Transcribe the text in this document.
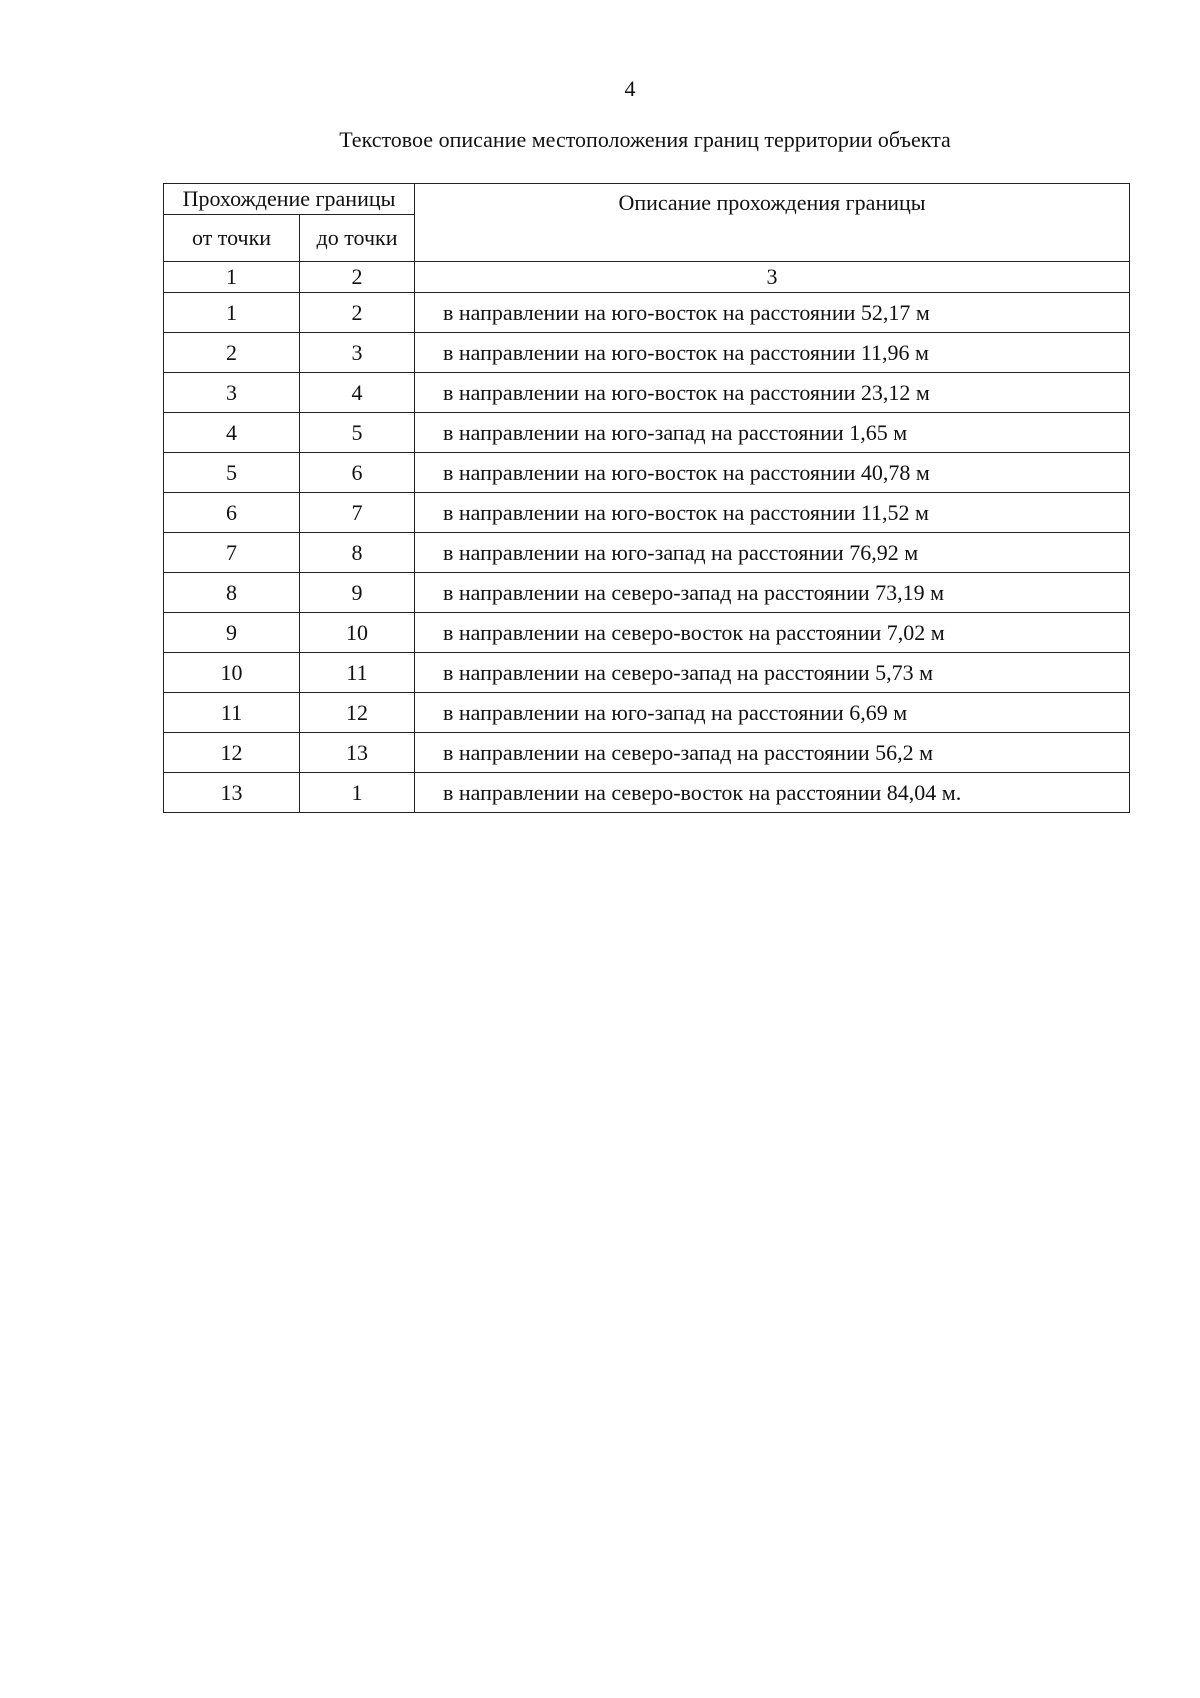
4
Текстовое описание местоположения границ территории объекта
Прохождение границы		Описание прохождения границы
от точки	до точки	
1	2	3
1	2	в направлении на юго-восток на расстоянии 52,17 м
2	3	в направлении на юго-восток на расстоянии 11,96 м
3	4	в направлении на юго-восток на расстоянии 23,12 м
4	5	в направлении на юго-запад на расстоянии 1,65 м
5	6	в направлении на юго-восток на расстоянии 40,78 м
6	7	в направлении на юго-восток на расстоянии 11,52 м
7	8	в направлении на юго-запад на расстоянии 76,92 м
8	9	в направлении на северо-запад на расстоянии 73,19 м
9	10	в направлении на северо-восток на расстоянии 7,02 м
10	11	в направлении на северо-запад на расстоянии 5,73 м
11	12	в направлении на юго-запад на расстоянии 6,69 м
12	13	в направлении на северо-запад на расстоянии 56,2 м
13	1	в направлении на северо-восток на расстоянии 84,04 м.
